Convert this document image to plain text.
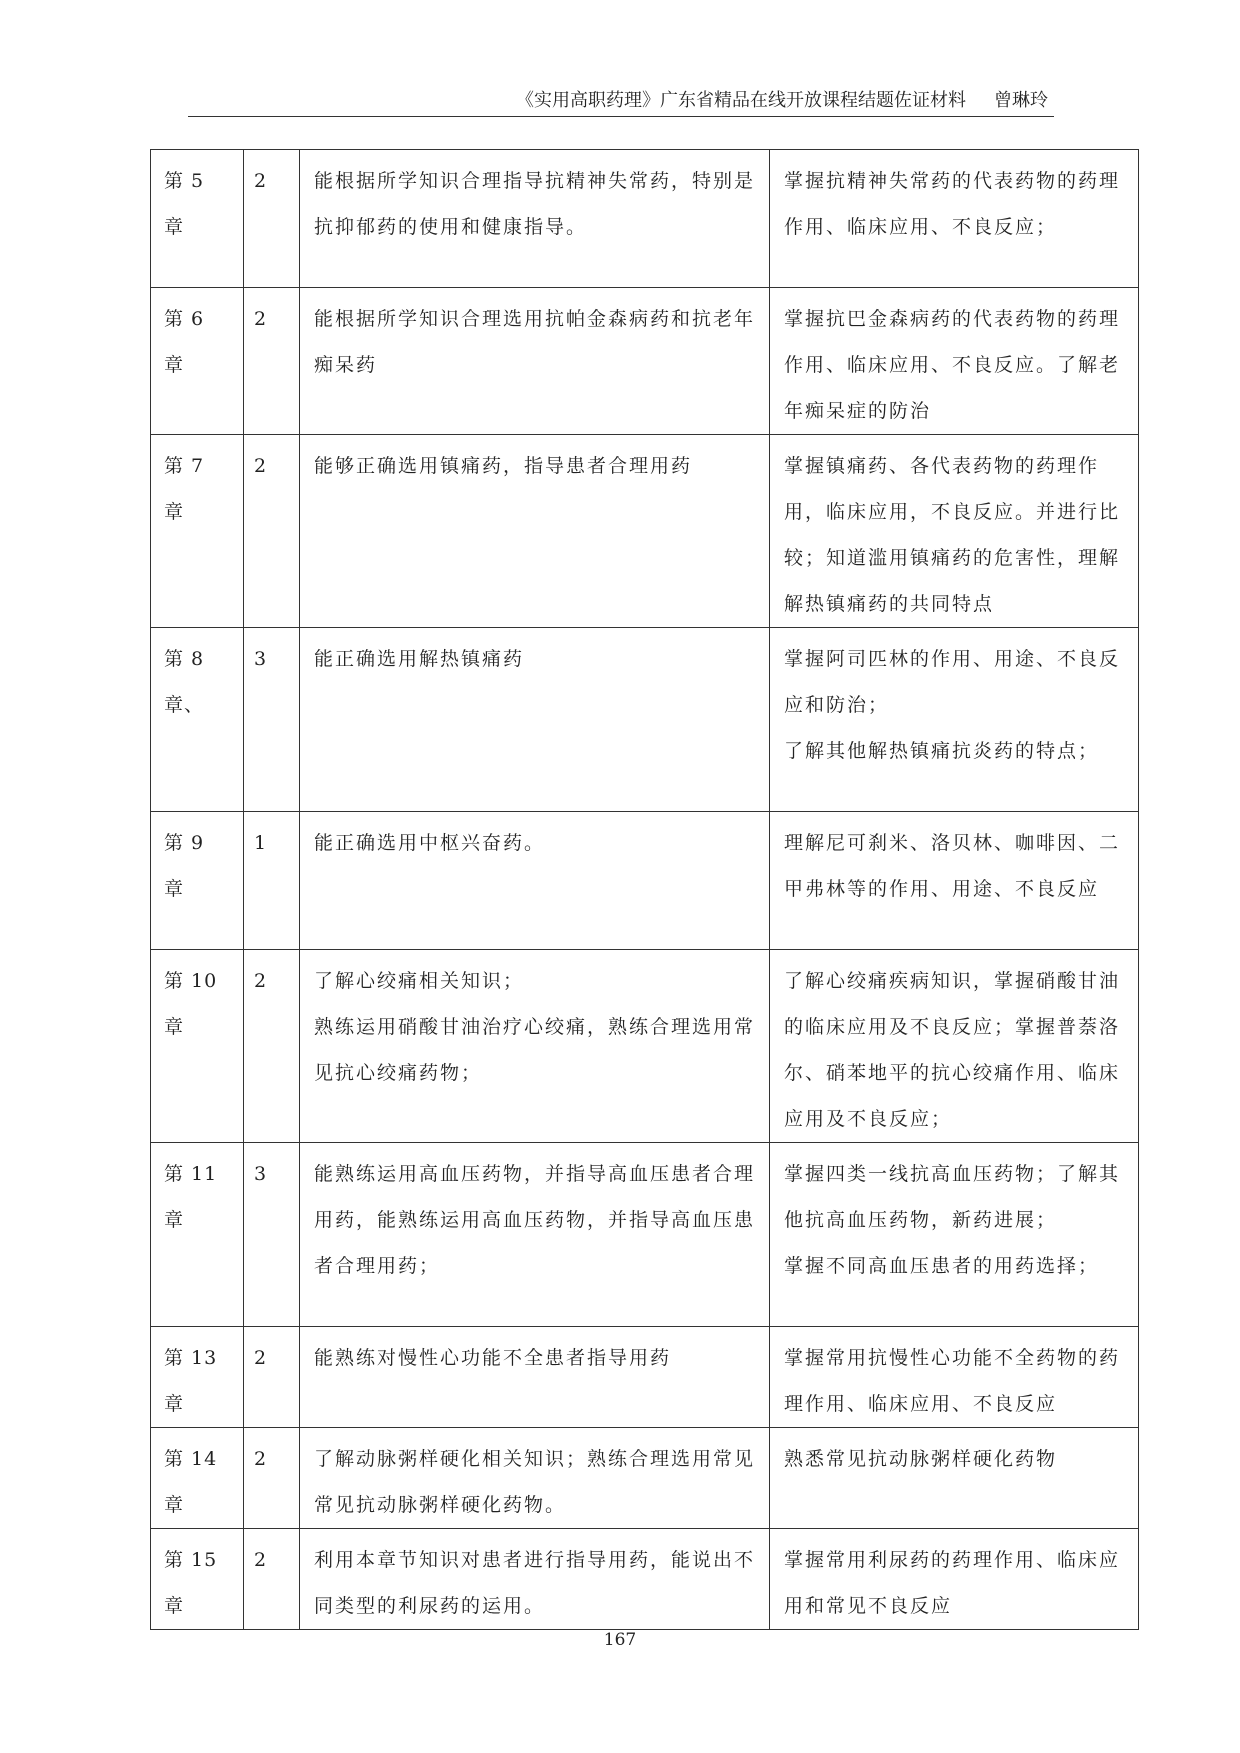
《实用高职药理》广东省精品在线开放课程结题佐证材料 曾琳玲
第 5 章	2	能根据所学知识合理指导抗精神失常药，特别是抗抑郁药的使用和健康指导。	掌握抗精神失常药的代表药物的药理作用、临床应用、不良反应；

第 6 章	2	能根据所学知识合理选用抗帕金森病药和抗老年痴呆药	掌握抗巴金森病药的代表药物的药理作用、临床应用、不良反应。了解老年痴呆症的防治

第 7 章	2	能够正确选用镇痛药，指导患者合理用药	掌握镇痛药、各代表药物的药理作用，临床应用，不良反应。并进行比较；知道滥用镇痛药的危害性，理解解热镇痛药的共同特点

第 8 章、	3	能正确选用解热镇痛药	掌握阿司匹林的作用、用途、不良反应和防治；
了解其他解热镇痛抗炎药的特点；

第 9 章	1	能正确选用中枢兴奋药。	理解尼可刹米、洛贝林、咖啡因、二甲弗林等的作用、用途、不良反应

第 10 章	2	了解心绞痛相关知识；
熟练运用硝酸甘油治疗心绞痛，熟练合理选用常见抗心绞痛药物；	了解心绞痛疾病知识，掌握硝酸甘油的临床应用及不良反应；掌握普萘洛尔、硝苯地平的抗心绞痛作用、临床应用及不良反应；

第 11 章	3	能熟练运用高血压药物，并指导高血压患者合理用药，能熟练运用高血压药物，并指导高血压患者合理用药；	掌握四类一线抗高血压药物；了解其他抗高血压药物，新药进展；
掌握不同高血压患者的用药选择；

第 13 章	2	能熟练对慢性心功能不全患者指导用药	掌握常用抗慢性心功能不全药物的药理作用、临床应用、不良反应

第 14 章	2	了解动脉粥样硬化相关知识；熟练合理选用常见常见抗动脉粥样硬化药物。	熟悉常见抗动脉粥样硬化药物

第 15 章	2	利用本章节知识对患者进行指导用药，能说出不同类型的利尿药的运用。	掌握常用利尿药的药理作用、临床应用和常见不良反应
167
